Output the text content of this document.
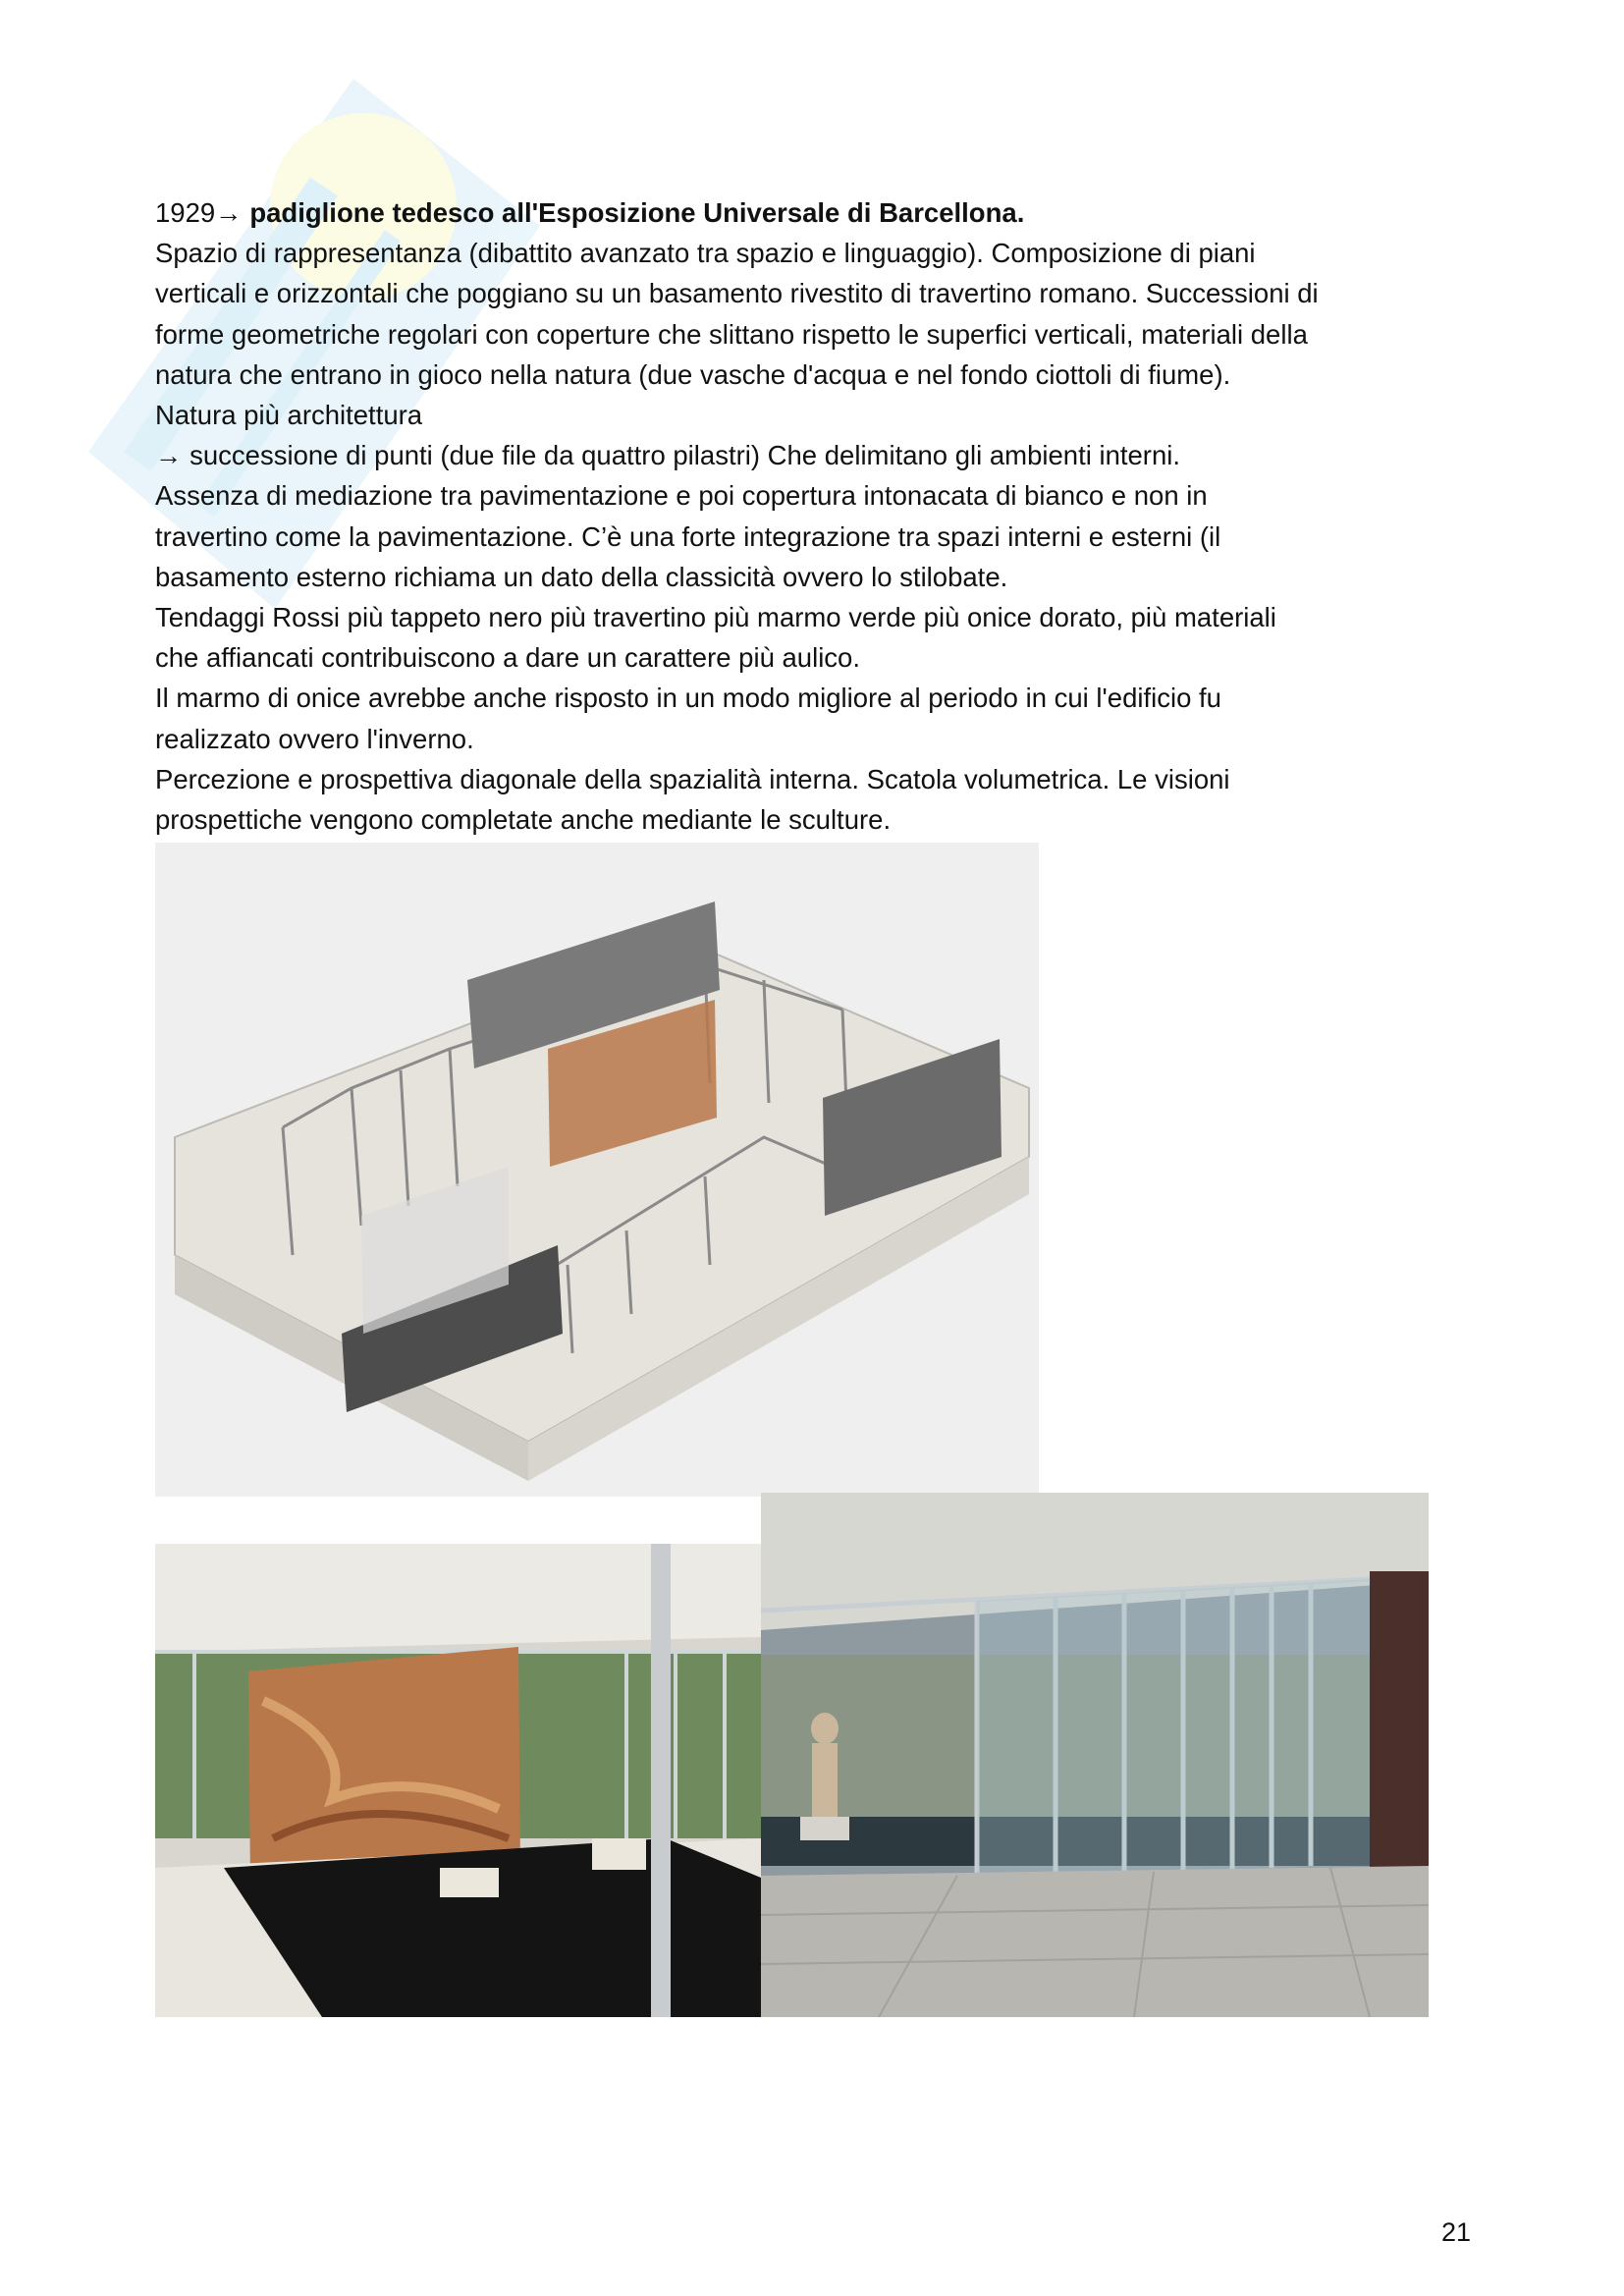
1929→ padiglione tedesco all'Esposizione Universale di Barcellona.

Spazio di rappresentanza (dibattito avanzato tra spazio e linguaggio). Composizione di piani

verticali e orizzontali che poggiano su un basamento rivestito di travertino romano. Successioni di

forme geometriche regolari con coperture che slittano rispetto le superfici verticali, materiali della

natura che entrano in gioco nella natura (due vasche d'acqua e nel fondo ciottoli di fiume).

Natura più architettura

→ successione di punti (due file da quattro pilastri) Che delimitano gli ambienti interni.

Assenza di mediazione tra pavimentazione e poi copertura intonacata di bianco e non in

travertino come la pavimentazione. C’è una forte integrazione tra spazi interni e esterni (il

basamento esterno richiama un dato della classicità ovvero lo stilobate.

Tendaggi Rossi più tappeto nero più travertino più marmo verde più onice dorato, più materiali

che affiancati contribuiscono a dare un carattere più aulico.

Il marmo di onice avrebbe anche risposto in un modo migliore al periodo in cui l'edificio fu

realizzato ovvero l'inverno.

Percezione e prospettiva diagonale della spazialità interna. Scatola volumetrica. Le visioni

prospettiche vengono completate anche mediante le sculture.

21
